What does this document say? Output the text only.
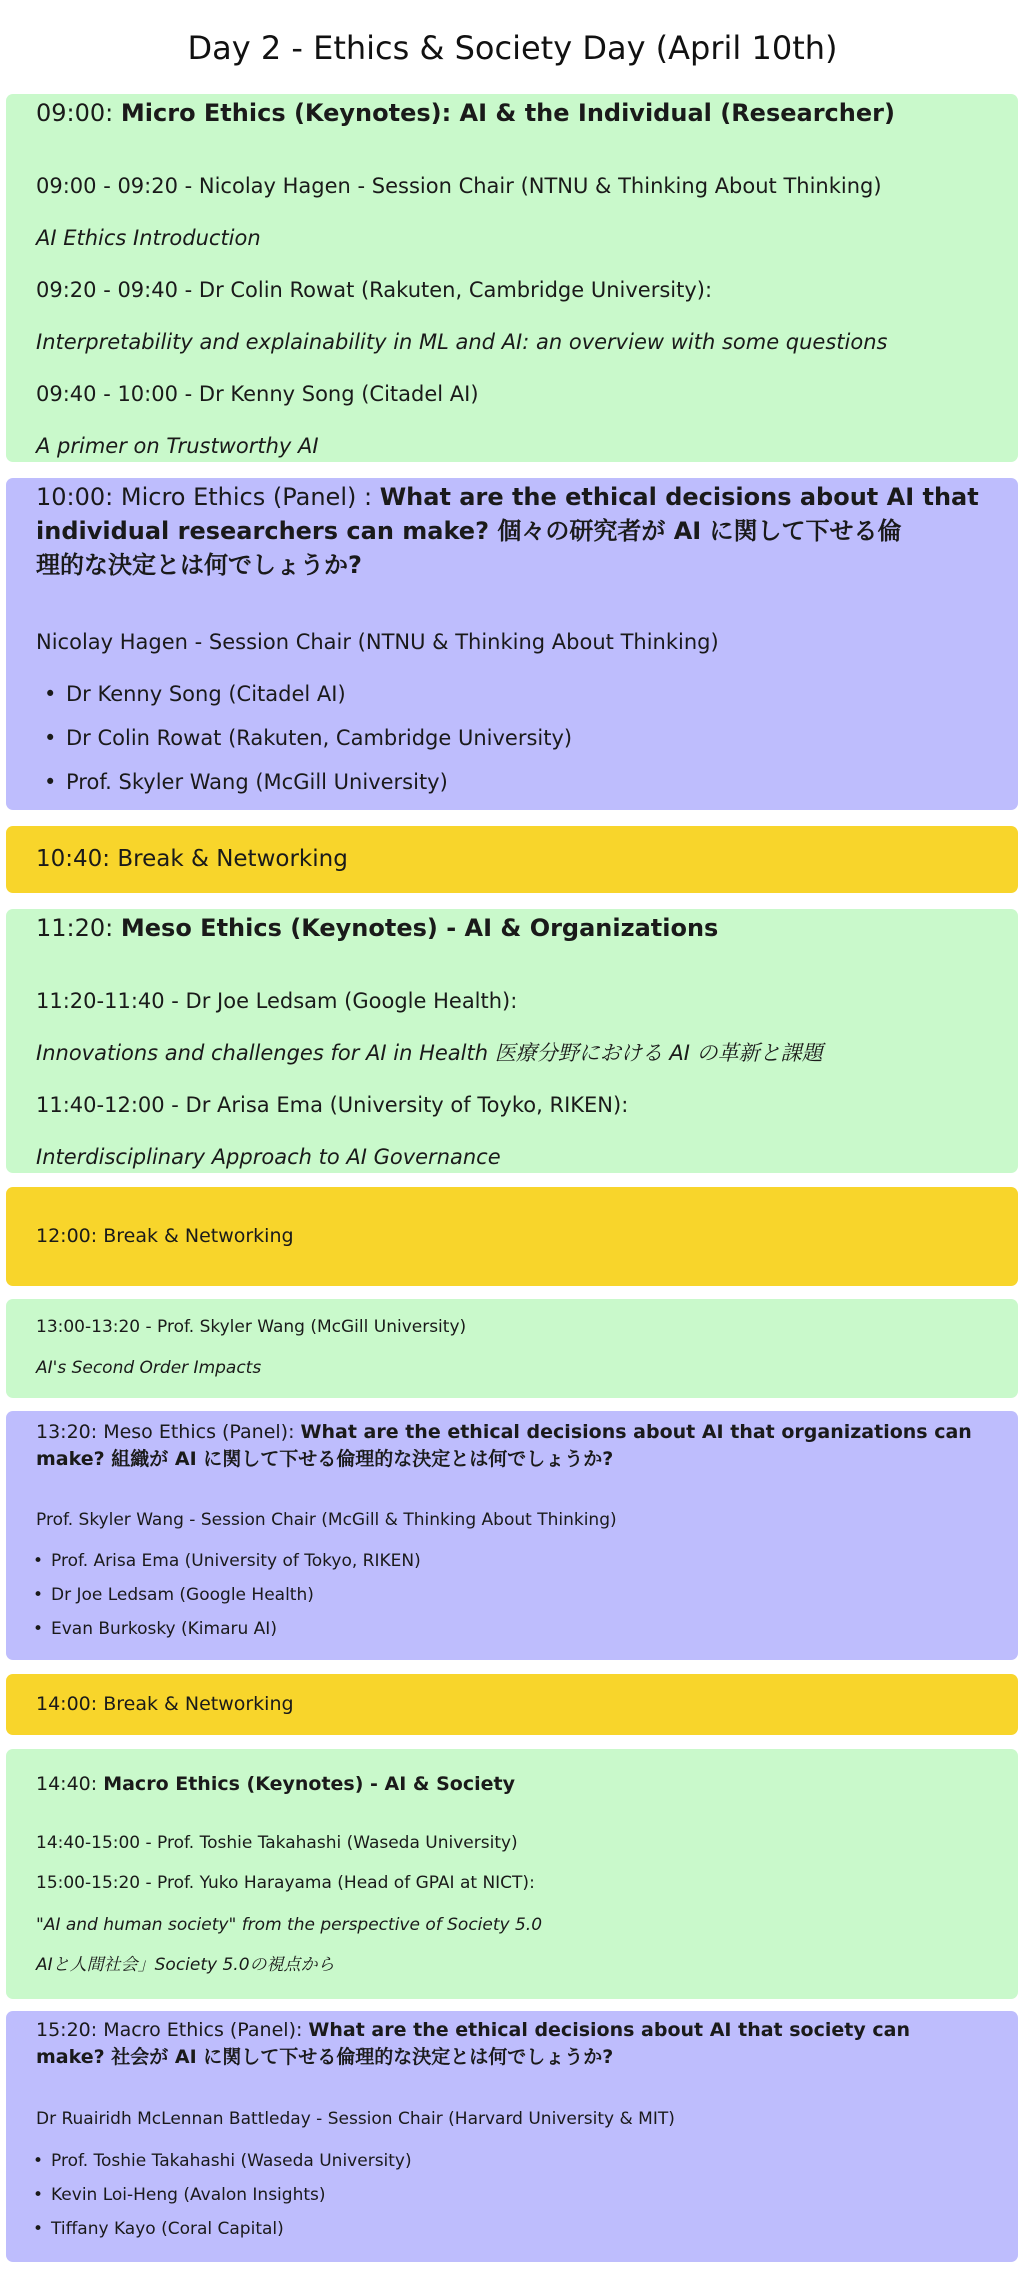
Day 2 - Ethics & Society Day (April 10th)
09:00: Micro Ethics (Keynotes): AI & the Individual (Researcher)
09:00 - 09:20 - Nicolay Hagen - Session Chair (NTNU & Thinking About Thinking)
AI Ethics Introduction
09:20 - 09:40 - Dr Colin Rowat (Rakuten, Cambridge University):
Interpretability and explainability in ML and AI: an overview with some questions
09:40 - 10:00 - Dr Kenny Song (Citadel AI)
A primer on Trustworthy AI
10:00: Micro Ethics (Panel) : What are the ethical decisions about AI that
individual researchers can make? 個々の研究者が AI に関して下せる倫
理的な決定とは何でしょうか?
Nicolay Hagen - Session Chair (NTNU & Thinking About Thinking)
• Dr Kenny Song (Citadel AI)
• Dr Colin Rowat (Rakuten, Cambridge University)
• Prof. Skyler Wang (McGill University)
10:40: Break & Networking
11:20: Meso Ethics (Keynotes) - AI & Organizations
11:20-11:40 - Dr Joe Ledsam (Google Health):
Innovations and challenges for AI in Health 医療分野における AI の革新と課題
11:40-12:00 - Dr Arisa Ema (University of Toyko, RIKEN):
Interdisciplinary Approach to AI Governance
12:00: Break & Networking
13:00-13:20 - Prof. Skyler Wang (McGill University)
AI's Second Order Impacts
13:20: Meso Ethics (Panel): What are the ethical decisions about AI that organizations can
make? 組織が AI に関して下せる倫理的な決定とは何でしょうか?
Prof. Skyler Wang - Session Chair (McGill & Thinking About Thinking)
• Prof. Arisa Ema (University of Tokyo, RIKEN)
• Dr Joe Ledsam (Google Health)
• Evan Burkosky (Kimaru AI)
14:00: Break & Networking
14:40: Macro Ethics (Keynotes) - AI & Society
14:40-15:00 - Prof. Toshie Takahashi (Waseda University)
15:00-15:20 - Prof. Yuko Harayama (Head of GPAI at NICT):
"AI and human society" from the perspective of Society 5.0
AIと人間社会」Society 5.0の視点から
15:20: Macro Ethics (Panel): What are the ethical decisions about AI that society can
make? 社会が AI に関して下せる倫理的な決定とは何でしょうか?
Dr Ruairidh McLennan Battleday - Session Chair (Harvard University & MIT)
• Prof. Toshie Takahashi (Waseda University)
• Kevin Loi-Heng (Avalon Insights)
• Tiffany Kayo (Coral Capital)
